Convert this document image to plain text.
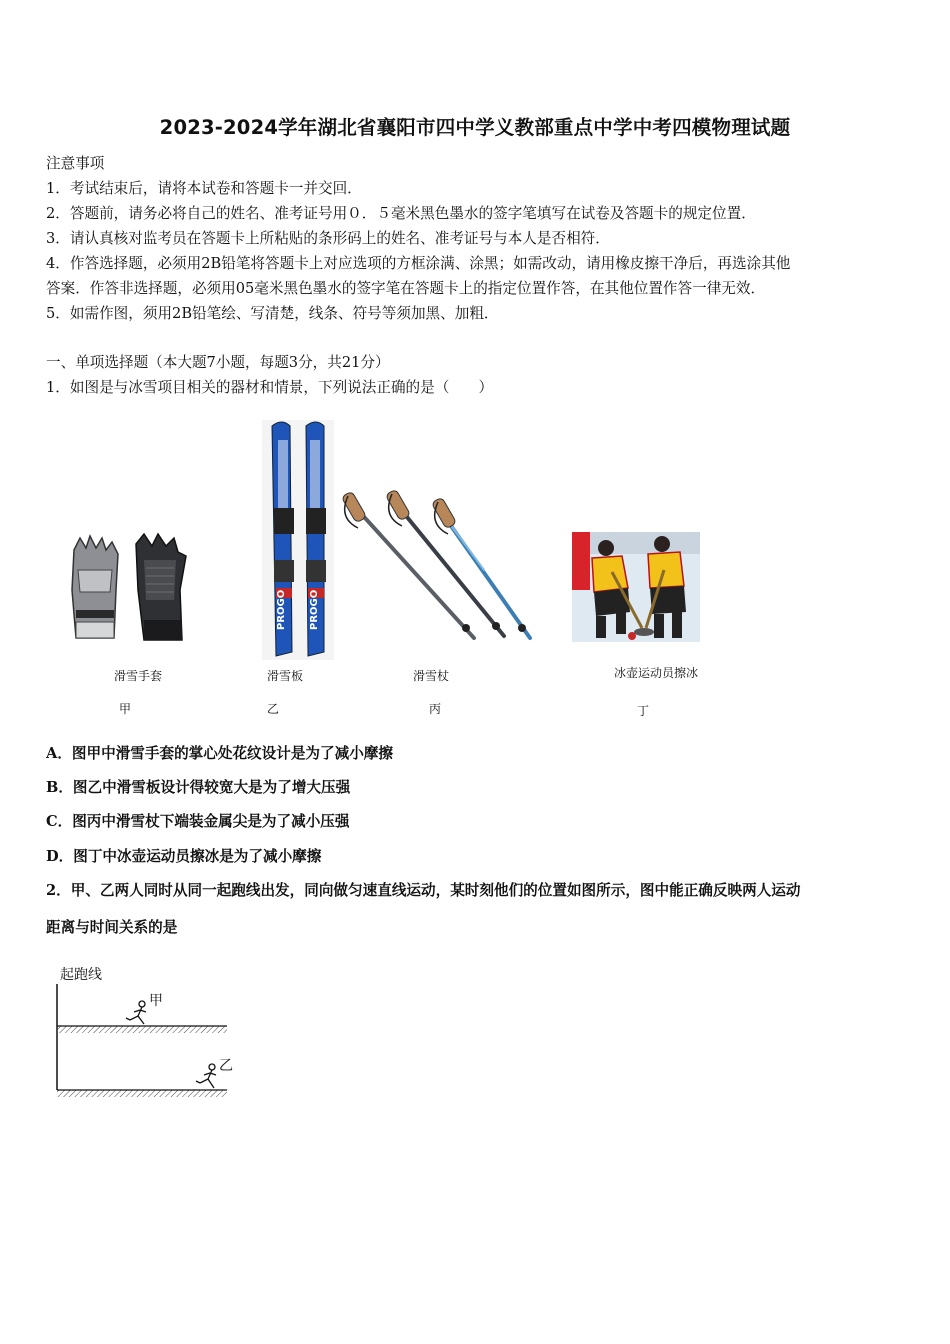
2023-2024学年湖北省襄阳市四中学义教部重点中学中考四模物理试题
注意事项
1．考试结束后，请将本试卷和答题卡一并交回．
2．答题前，请务必将自己的姓名、准考证号用０．５毫米黑色墨水的签字笔填写在试卷及答题卡的规定位置．
3．请认真核对监考员在答题卡上所粘贴的条形码上的姓名、准考证号与本人是否相符．
4．作答选择题，必须用2B铅笔将答题卡上对应选项的方框涂满、涂黑；如需改动，请用橡皮擦干净后，再选涂其他
答案．作答非选择题，必须用05毫米黑色墨水的签字笔在答题卡上的指定位置作答，在其他位置作答一律无效．
5．如需作图，须用2B铅笔绘、写清楚，线条、符号等须加黑、加粗．
一、单项选择题（本大题7小题，每题3分，共21分）
1．如图是与冰雪项目相关的器材和情景，下列说法正确的是（　　）
滑雪手套
甲
PROGO PROGO
滑雪板
乙
滑雪杖
丙
冰壶运动员擦冰
丁
A．图甲中滑雪手套的掌心处花纹设计是为了减小摩擦
B．图乙中滑雪板设计得较宽大是为了增大压强
C．图丙中滑雪杖下端装金属尖是为了减小压强
D．图丁中冰壶运动员擦冰是为了减小摩擦
2．甲、乙两人同时从同一起跑线出发，同向做匀速直线运动，某时刻他们的位置如图所示，图中能正确反映两人运动
距离与时间关系的是
起跑线
甲
乙
